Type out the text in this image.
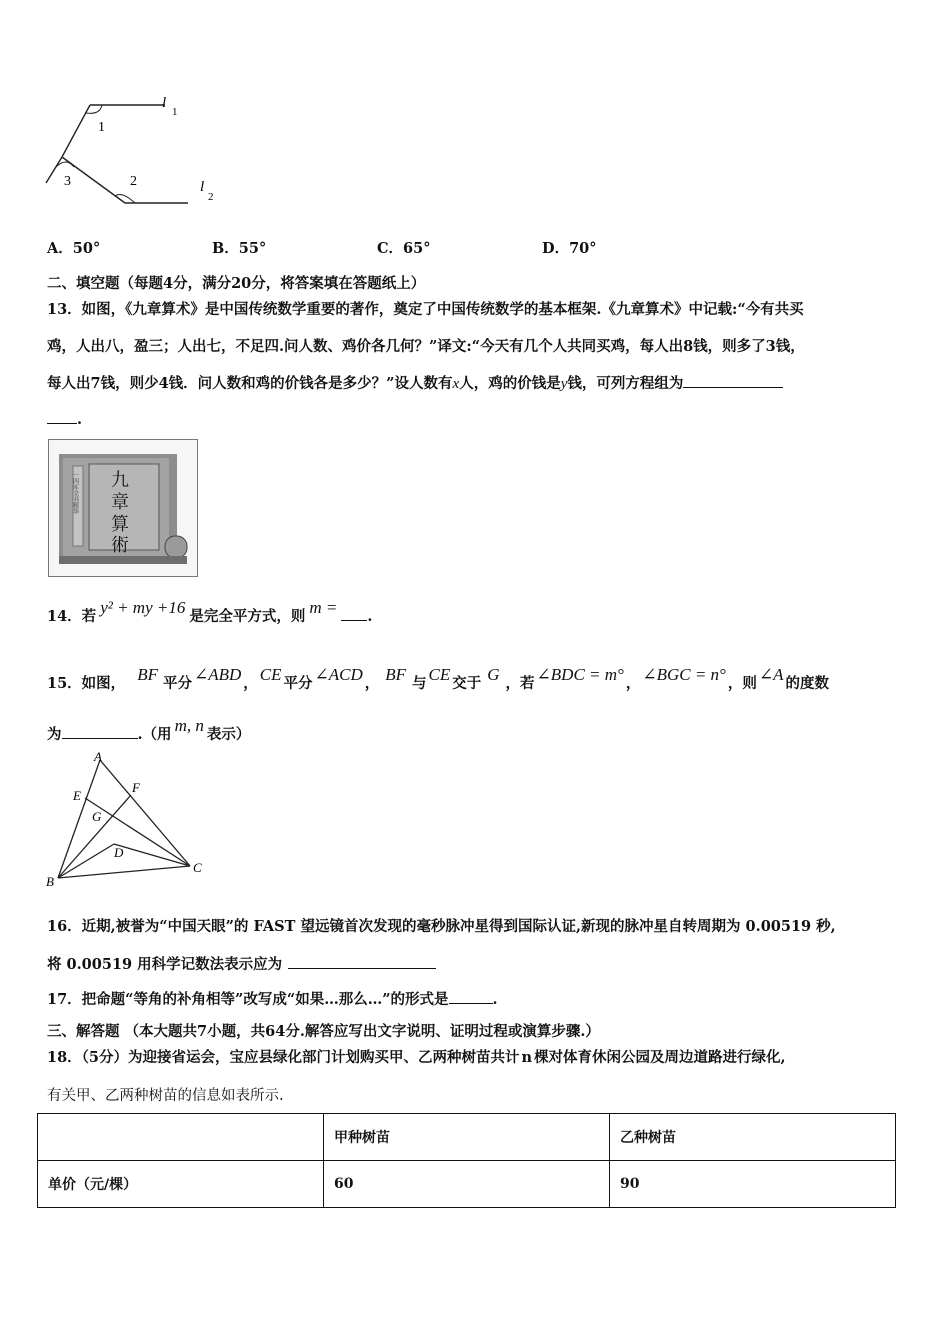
1
3	2
l
1
l
2
A．50°	B．55°	C．65°	D．70°
二、填空题（每题4分，满分20分，将答案填在答题纸上）
13．如图，《九章算术》是中国传统数学重要的著作，奠定了中国传统数学的基本框架.《九章算术》中记载:“今有共买
鸡，人出八，盈三；人出七，不足四.问人数、鸡价各几何？”译文:“今天有几个人共同买鸡，每人出8钱，则多了3钱，
每人出7钱，则少4钱．问人数和鸡的价钱各是多少？”设人数有x人，鸡的价钱是y钱，可列方程组为
.
九
章
算
術
一四库全书精华
14．若 y² + my +16 是完全平方式，则 m = .
15．如图， BF 平分 ∠ABD ， CE 平分 ∠ACD ， BF 与 CE 交于 G ，若 ∠BDC = m° ， ∠BGC = n° ，则 ∠A 的度数
为	.（用 m, n 表示）
A
F
E
G
D
B
C
16．近期,被誉为“中国天眼”的 FAST 望远镜首次发现的毫秒脉冲星得到国际认证,新现的脉冲星自转周期为 0.00519 秒,
将 0.00519 用科学记数法表示应为
17．把命题“等角的补角相等”改写成“如果…那么…”的形式是	.
三、解答题 （本大题共7小题，共64分.解答应写出文字说明、证明过程或演算步骤.）
18．（5分）为迎接省运会，宝应县绿化部门计划购买甲、乙两种树苗共计 n 棵对体育休闲公园及周边道路进行绿化,
有关甲、乙两种树苗的信息如表所示.
	甲种树苗	乙种树苗
单价（元/棵）	60	90
